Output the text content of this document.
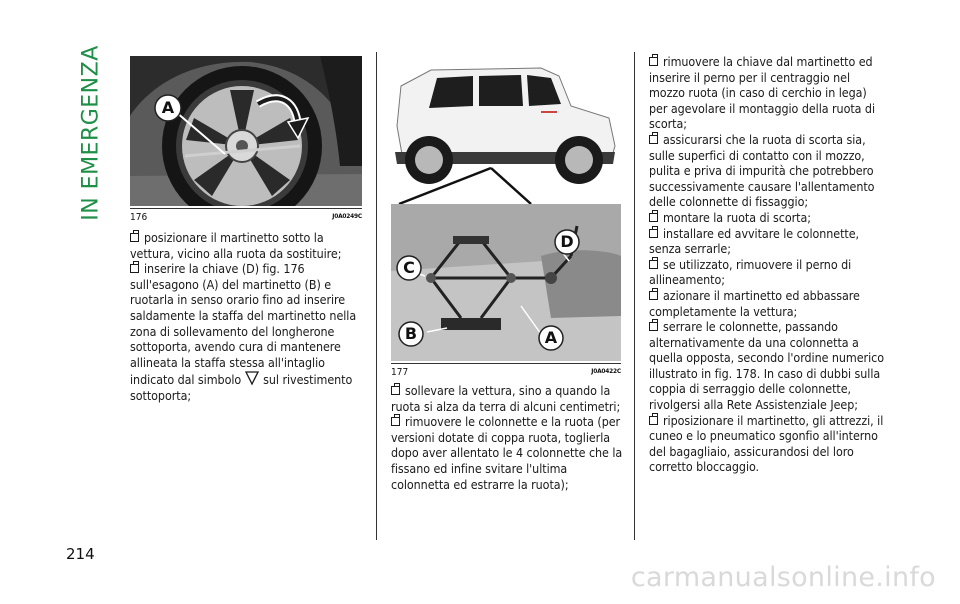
IN EMERGENZA
214
A
176	J0A0249C

posizionare il martinetto sotto la vettura, vicino alla ruota da sostituire;

inserire la chiave (D) fig. 176 sull'esagono (A) del martinetto (B) e ruotarla in senso orario fino ad inserire saldamente la staffa del martinetto nella zona di sollevamento del longherone sottoporta, avendo cura di mantenere allineata la staffa stessa all'intaglio indicato dal simbolo sul rivestimento sottoporta;

C
D
B	A
177	J0A0422C

sollevare la vettura, sino a quando la ruota si alza da terra di alcuni centimetri;

rimuovere le colonnette e la ruota (per versioni dotate di coppa ruota, toglierla dopo aver allentato le 4 colonnette che la fissano ed infine svitare l'ultima colonnetta ed estrarre la ruota);

rimuovere la chiave dal martinetto ed inserire il perno per il centraggio nel mozzo ruota (in caso di cerchio in lega) per agevolare il montaggio della ruota di scorta;

assicurarsi che la ruota di scorta sia, sulle superfici di contatto con il mozzo, pulita e priva di impurità che potrebbero successivamente causare l'allentamento delle colonnette di fissaggio;

montare la ruota di scorta;

installare ed avvitare le colonnette, senza serrarle;

se utilizzato, rimuovere il perno di allineamento;

azionare il martinetto ed abbassare completamente la vettura;

serrare le colonnette, passando alternativamente da una colonnetta a quella opposta, secondo l'ordine numerico illustrato in fig. 178. In caso di dubbi sulla coppia di serraggio delle colonnette, rivolgersi alla Rete Assistenziale Jeep;

riposizionare il martinetto, gli attrezzi, il cuneo e lo pneumatico sgonfio all'interno del bagagliaio, assicurandosi del loro corretto bloccaggio.

carmanualsonline.info
